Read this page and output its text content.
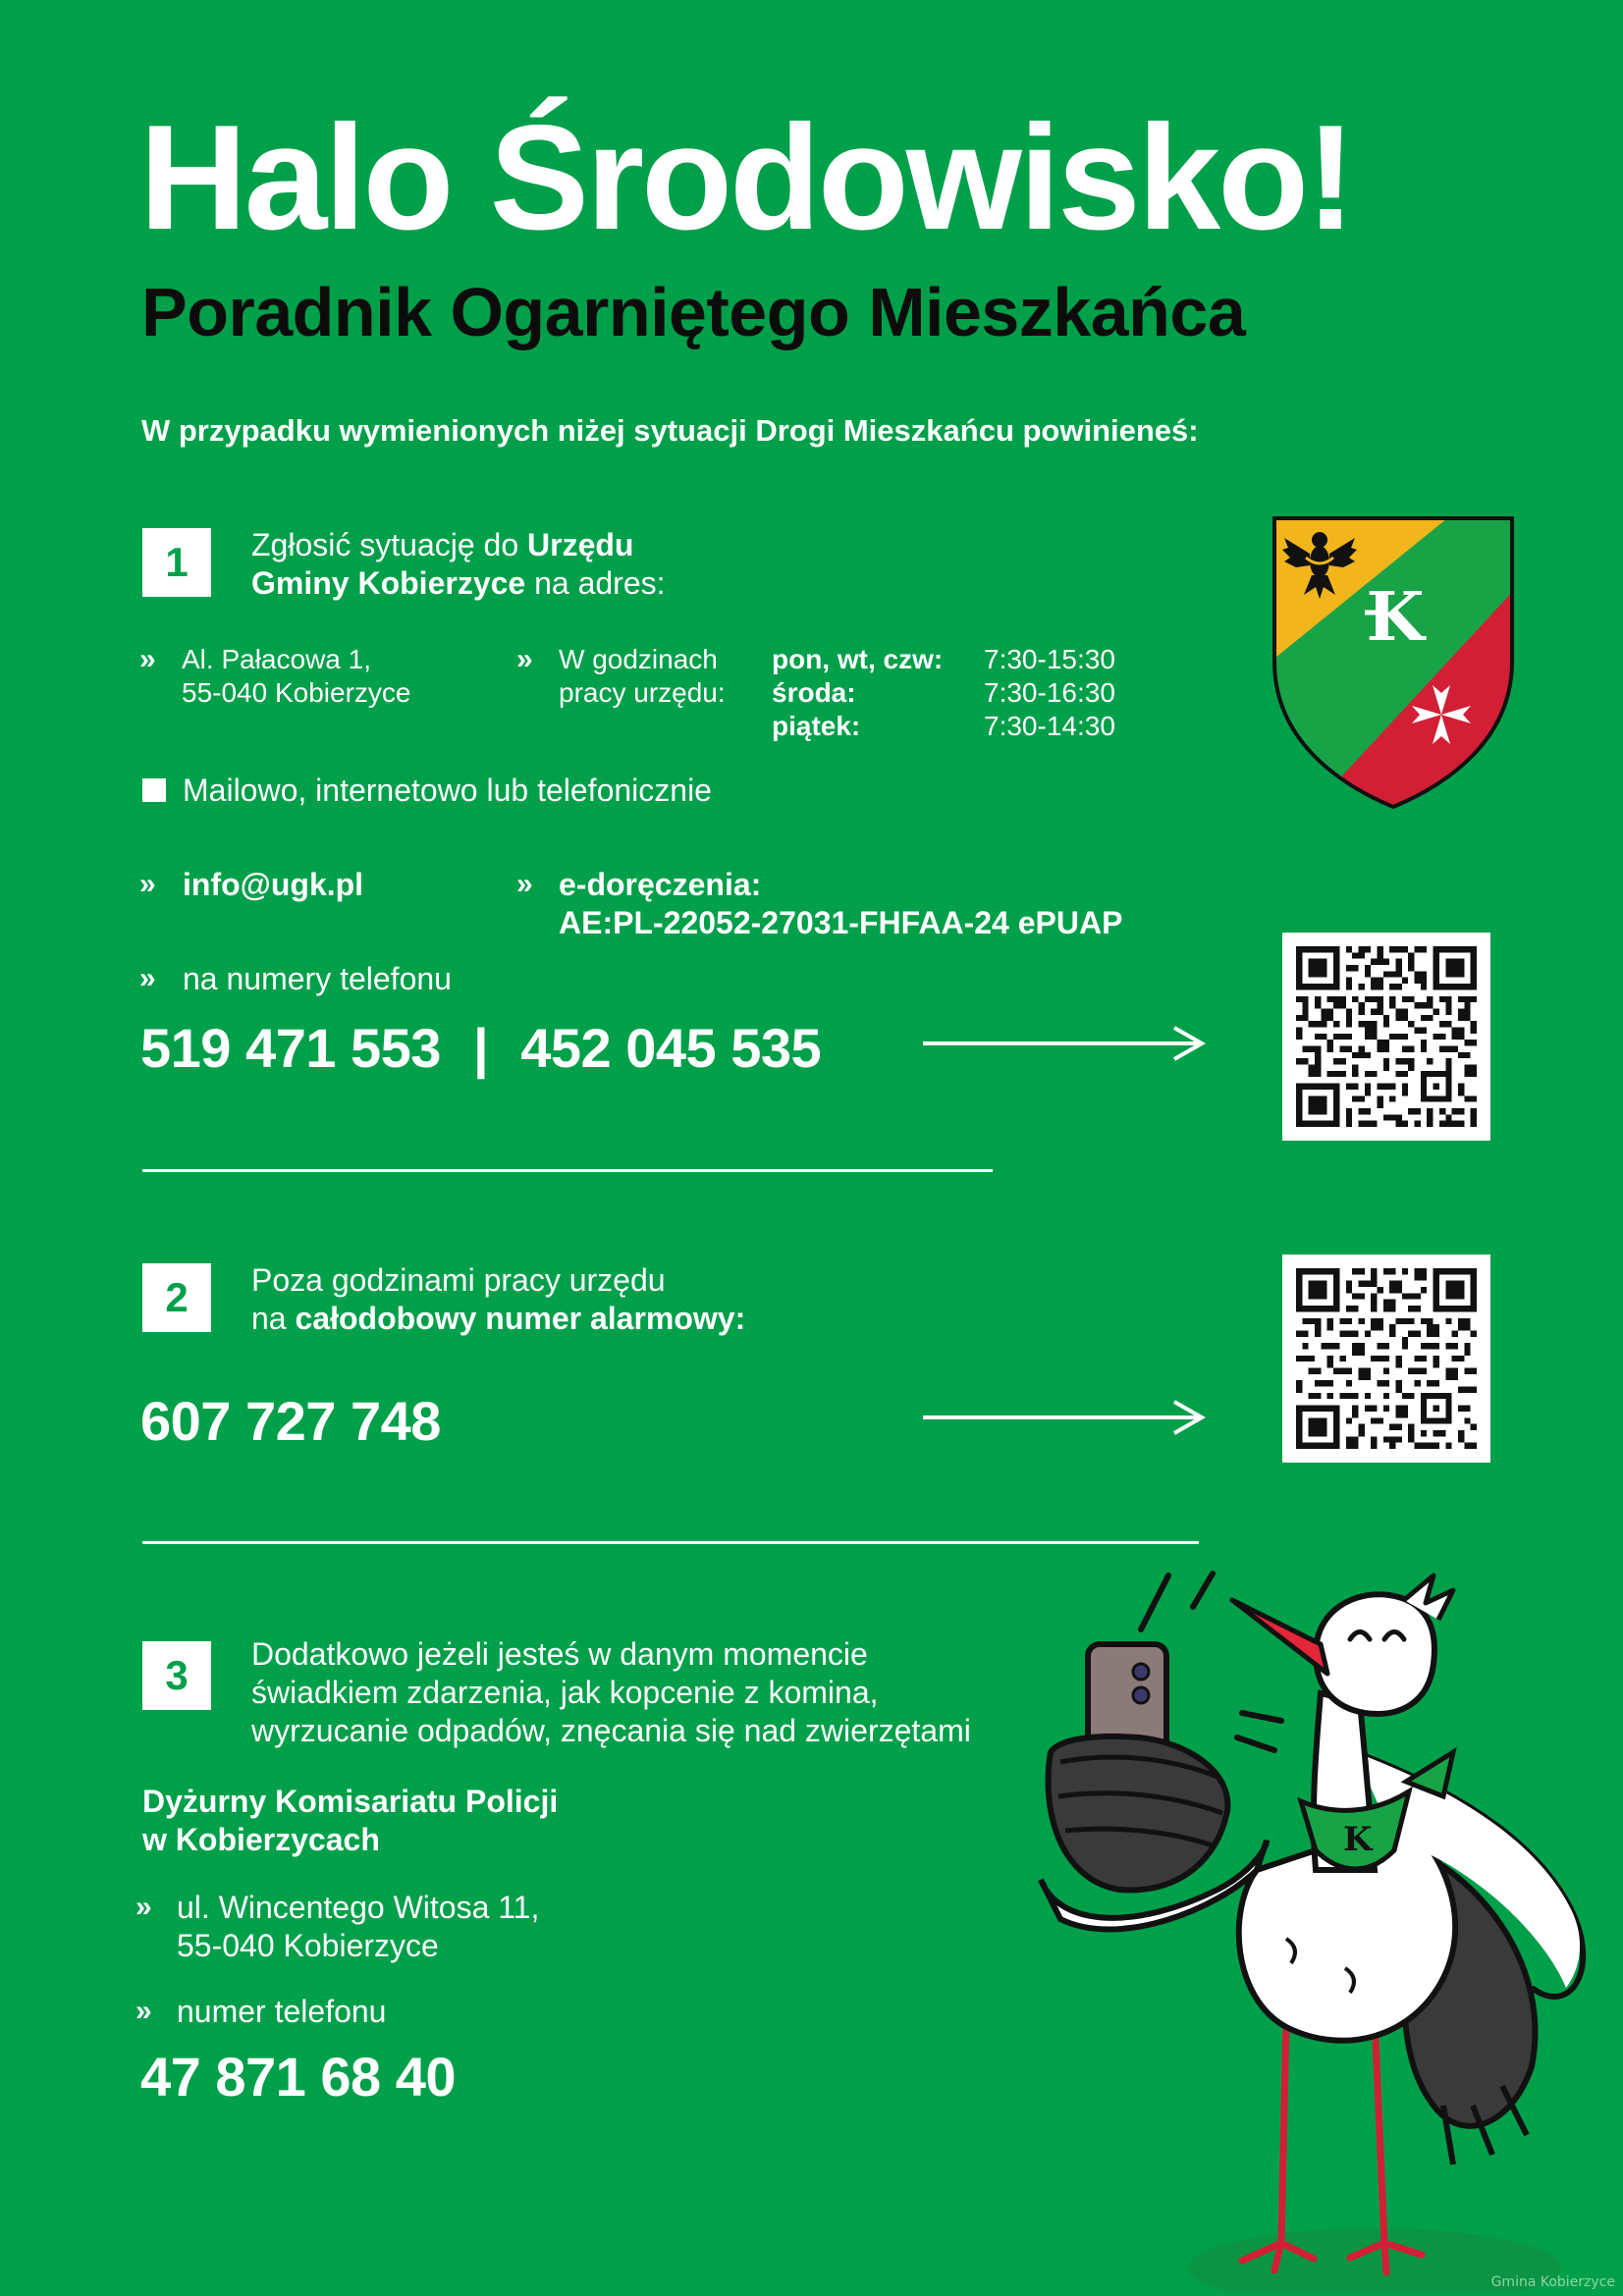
Halo Środowisko!
Poradnik Ogarniętego Mieszkańca
W przypadku wymienionych niżej sytuacji Drogi Mieszkańcu powinieneś:
K
1	Zgłosić sytuację do Urzędu
Gminy Kobierzyce na adres:
» Al. Pałacowa 1,
55-040 Kobierzyce
» W godzinach
pracy urzędu:
pon, wt, czw:	7:30-15:30
środa:	7:30-16:30
piątek:	7:30-14:30
Mailowo, internetowo lub telefonicznie
» info@ugk.pl	» e-doręczenia:
AE:PL-22052-27031-FHFAA-24 ePUAP
» na numery telefonu
519 471 553 | 452 045 535
2	Poza godzinami pracy urzędu
na całodobowy numer alarmowy:
607 727 748
3	Dodatkowo jeżeli jesteś w danym momencie
świadkiem zdarzenia, jak kopcenie z komina,
wyrzucanie odpadów, znęcania się nad zwierzętami
Dyżurny Komisariatu Policji
w Kobierzycach
» ul. Wincentego Witosa 11,
55-040 Kobierzyce
» numer telefonu
47 871 68 40
K
Gmina Kobierzyce
